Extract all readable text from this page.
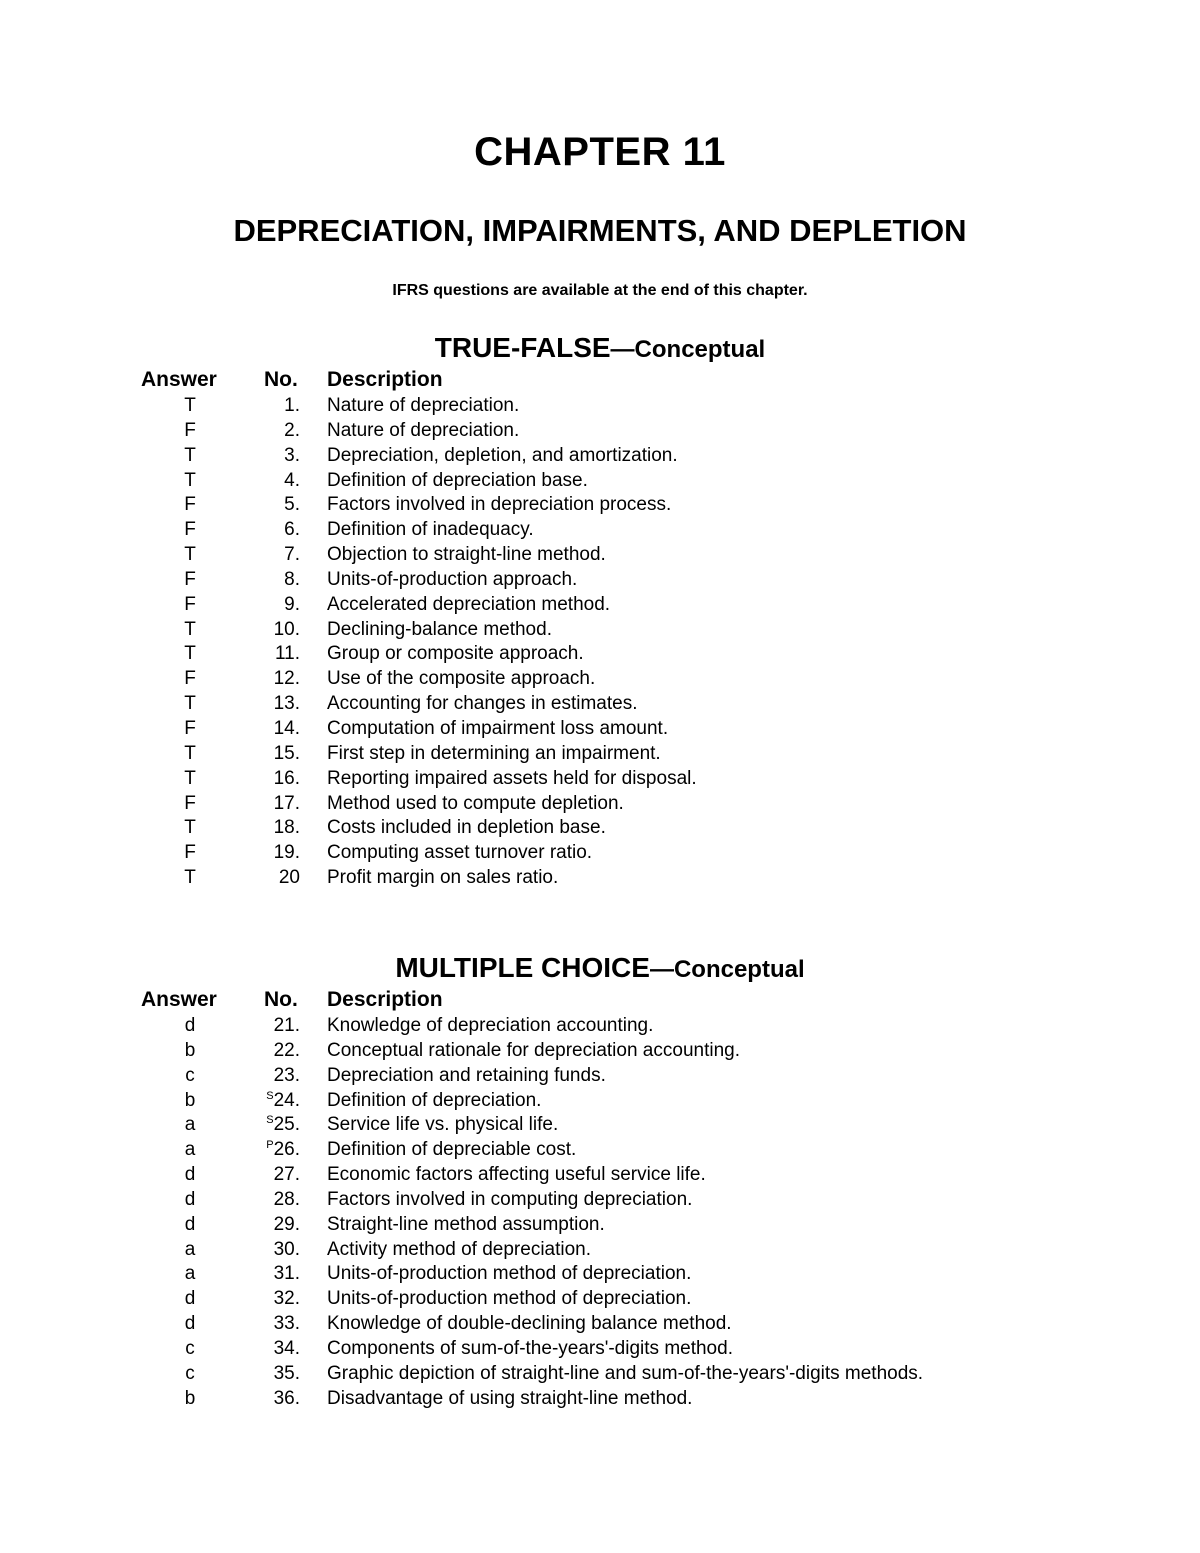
CHAPTER 11
DEPRECIATION, IMPAIRMENTS, AND DEPLETION
IFRS questions are available at the end of this chapter.
TRUE-FALSE—Conceptual
Answer No. Description
T	1. Nature of depreciation.
F	2. Nature of depreciation.
T	3. Depreciation, depletion, and amortization.
T	4. Definition of depreciation base.
F	5. Factors involved in depreciation process.
F	6. Definition of inadequacy.
T	7. Objection to straight-line method.
F	8. Units-of-production approach.
F	9. Accelerated depreciation method.
T	10. Declining-balance method.
T	11. Group or composite approach.
F	12. Use of the composite approach.
T	13. Accounting for changes in estimates.
F	14. Computation of impairment loss amount.
T	15. First step in determining an impairment.
T	16. Reporting impaired assets held for disposal.
F	17. Method used to compute depletion.
T	18. Costs included in depletion base.
F	19. Computing asset turnover ratio.
T	20 Profit margin on sales ratio.
MULTIPLE CHOICE—Conceptual
Answer No. Description
d	21. Knowledge of depreciation accounting.
b	22. Conceptual rationale for depreciation accounting.
c	23. Depreciation and retaining funds.
b	$^S$24. Definition of depreciation.
a	$^S$25. Service life vs. physical life.
a	$^P$26. Definition of depreciable cost.
d	27. Economic factors affecting useful service life.
d	28. Factors involved in computing depreciation.
d	29. Straight-line method assumption.
a	30. Activity method of depreciation.
a	31. Units-of-production method of depreciation.
d	32. Units-of-production method of depreciation.
d	33. Knowledge of double-declining balance method.
c	34. Components of sum-of-the-years'-digits method.
c	35. Graphic depiction of straight-line and sum-of-the-years'-digits methods.
b	36. Disadvantage of using straight-line method.
